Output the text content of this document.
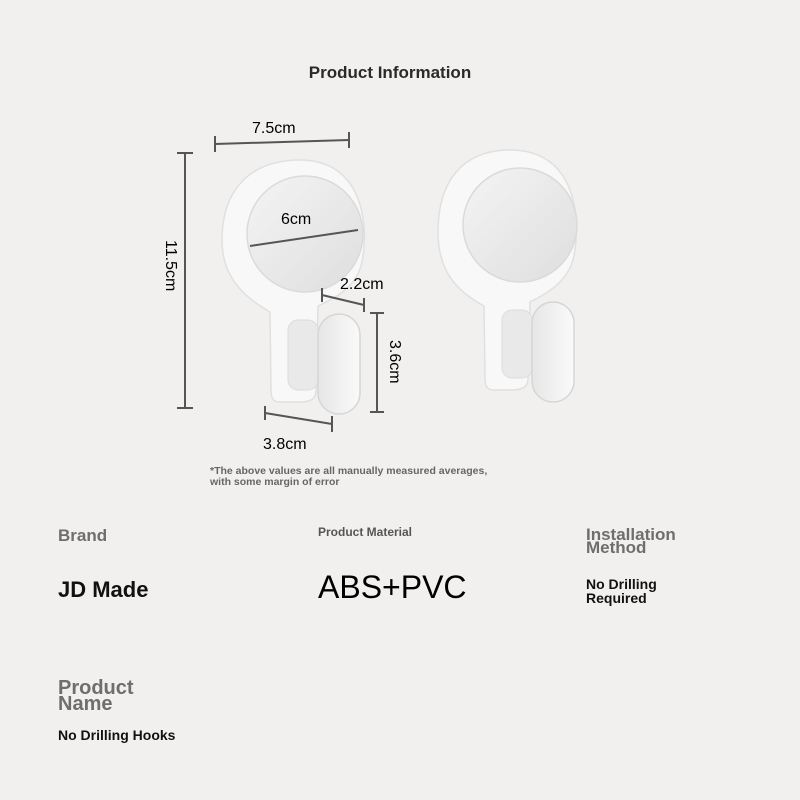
Product Information
7.5cm
11.5cm
6cm
2.2cm
3.6cm
3.8cm
*The above values are all manually measured averages, with some margin of error
Brand
JD Made
Product Material
ABS+PVC
Installation Method
No Drilling Required
Product Name
No Drilling Hooks
